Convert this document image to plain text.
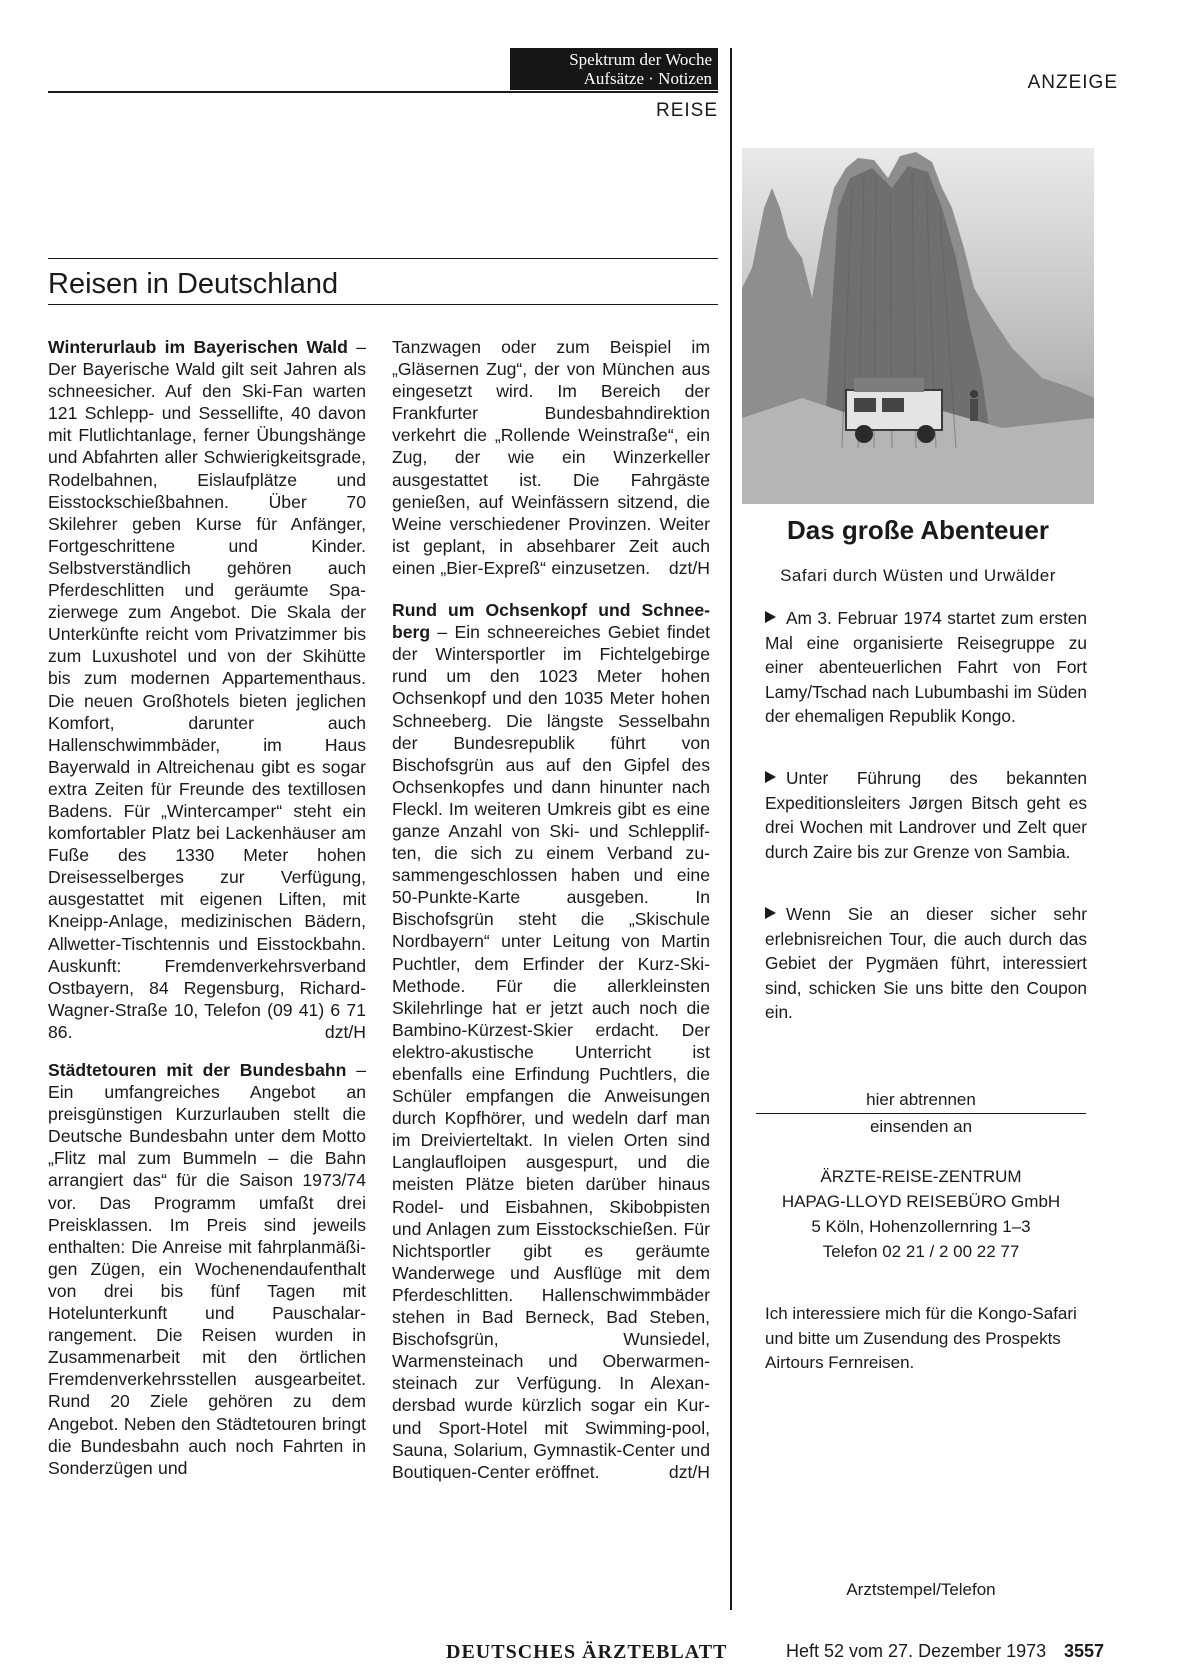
Spektrum der Woche
Aufsätze · Notizen
REISE
ANZEIGE
Reisen in Deutschland

Winterurlaub im Bayerischen Wald – Der Bayerische Wald gilt seit Jahren als schneesicher. Auf den Ski-Fan warten 121 Schlepp- und Sessellifte, 40 davon mit Flutlichtanlage, ferner Übungshänge und Abfahrten aller Schwierigkeitsgrade, Rodelbahnen, Eislaufplätze und Eisstockschießbahnen. Über 70 Skilehrer geben Kurse für Anfänger, Fortgeschrittene und Kinder. Selbstverständlich gehören auch Pferdeschlitten und geräumte Spazierwege zum Angebot. Die Skala der Unterkünfte reicht vom Privatzimmer bis zum Luxushotel und von der Skihütte bis zum modernen Appartementhaus. Die neuen Großhotels bieten jeglichen Komfort, darunter auch Hallenschwimmbäder, im Haus Bayerwald in Altreichenau gibt es sogar extra Zeiten für Freunde des textillosen Badens. Für „Wintercamper“ steht ein komfortabler Platz bei Lackenhäuser am Fuße des 1330 Meter hohen Dreisesselberges zur Verfügung, ausgestattet mit eigenen Liften, mit Kneipp-Anlage, medizinischen Bädern, Allwetter-Tischtennis und Eisstockbahn. Auskunft: Fremdenverkehrsverband Ostbayern, 84 Regensburg, Richard-Wagner-Straße 10, Telefon (09 41) 6 71 86.	dzt/H

Städtetouren mit der Bundesbahn – Ein umfangreiches Angebot an preisgünstigen Kurzurlauben stellt die Deutsche Bundesbahn unter dem Motto „Flitz mal zum Bummeln – die Bahn arrangiert das“ für die Saison 1973/74 vor. Das Programm umfaßt drei Preisklassen. Im Preis sind jeweils enthalten: Die Anreise mit fahrplanmäßigen Zügen, ein Wochenendaufenthalt von drei bis fünf Tagen mit Hotelunterkunft und Pauschalarrangement. Die Reisen wurden in Zusammenarbeit mit den örtlichen Fremdenverkehrsstellen ausgearbeitet. Rund 20 Ziele gehören zu dem Angebot. Neben den Städtetouren bringt die Bundesbahn auch noch Fahrten in Sonderzügen und

Tanzwagen oder zum Beispiel im „Gläsernen Zug“, der von München aus eingesetzt wird. Im Bereich der Frankfurter Bundesbahndirektion verkehrt die „Rollende Weinstraße“, ein Zug, der wie ein Winzerkeller ausgestattet ist. Die Fahrgäste genießen, auf Weinfässern sitzend, die Weine verschiedener Provinzen. Weiter ist geplant, in absehbarer Zeit auch einen „Bier-Expreß“ einzusetzen. dzt/H

Rund um Ochsenkopf und Schneeberg – Ein schneereiches Gebiet findet der Wintersportler im Fichtelgebirge rund um den 1023 Meter hohen Ochsenkopf und den 1035 Meter hohen Schneeberg. Die längste Sesselbahn der Bundesrepublik führt von Bischofsgrün aus auf den Gipfel des Ochsenkopfes und dann hinunter nach Fleckl. Im weiteren Umkreis gibt es eine ganze Anzahl von Ski- und Schleppliften, die sich zu einem Verband zusammengeschlossen haben und eine 50-Punkte-Karte ausgeben. In Bischofsgrün steht die „Skischule Nordbayern“ unter Leitung von Martin Puchtler, dem Erfinder der Kurz-Ski-Methode. Für die allerkleinsten Skilehrlinge hat er jetzt auch noch die Bambino-Kürzest-Skier erdacht. Der elektro-akustische Unterricht ist ebenfalls eine Erfindung Puchtlers, die Schüler empfangen die Anweisungen durch Kopfhörer, und wedeln darf man im Dreivierteltakt. In vielen Orten sind Langlaufloipen ausgespurt, und die meisten Plätze bieten darüber hinaus Rodel- und Eisbahnen, Skibobpisten und Anlagen zum Eisstockschießen. Für Nichtsportler gibt es geräumte Wanderwege und Ausflüge mit dem Pferdeschlitten. Hallenschwimmbäder stehen in Bad Berneck, Bad Steben, Bischofsgrün, Wunsiedel, Warmensteinach und Oberwarmensteinach zur Verfügung. In Alexandersbad wurde kürzlich sogar ein Kur- und Sport-Hotel mit Swimming-pool, Sauna, Solarium, Gymnastik-Center und Boutiquen-Center eröffnet.	dzt/H

Das große Abenteuer
Safari durch Wüsten und Urwälder

Am 3. Februar 1974 startet zum ersten Mal eine organisierte Reisegruppe zu einer abenteuerlichen Fahrt von Fort Lamy/Tschad nach Lubumbashi im Süden der ehemaligen Republik Kongo.

Unter Führung des bekannten Expeditionsleiters Jørgen Bitsch geht es drei Wochen mit Landrover und Zelt quer durch Zaire bis zur Grenze von Sambia.

Wenn Sie an dieser sicher sehr erlebnisreichen Tour, die auch durch das Gebiet der Pygmäen führt, interessiert sind, schicken Sie uns bitte den Coupon ein.

hier abtrennen
einsenden an
ÄRZTE-REISE-ZENTRUM
HAPAG-LLOYD REISEBÜRO GmbH
5 Köln, Hohenzollernring 1–3
Telefon 02 21 / 2 00 22 77
Ich interessiere mich für die Kongo-Safari und bitte um Zusendung des Prospekts Airtours Fernreisen.
Arztstempel/Telefon
DEUTSCHES ÄRZTEBLATT	Heft 52 vom 27. Dezember 1973 3557
